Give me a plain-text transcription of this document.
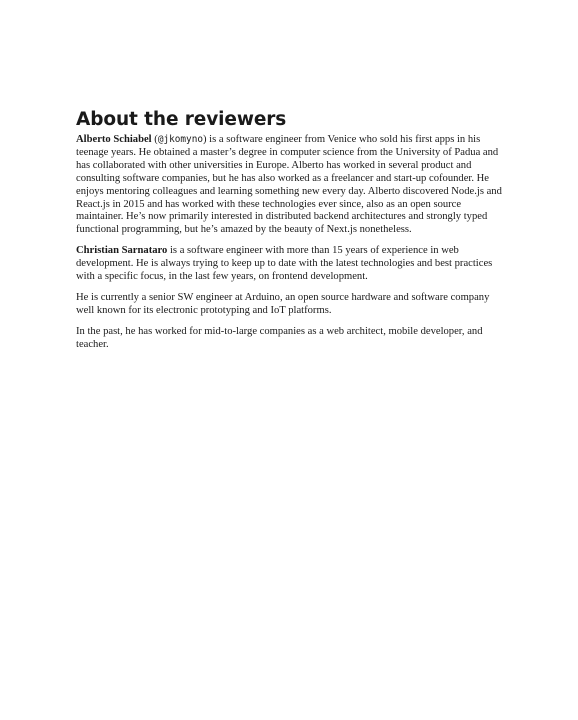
About the reviewers

Alberto Schiabel (@jkomyno) is a software engineer from Venice who sold his first apps in his teenage years. He obtained a master’s degree in computer science from the University of Padua and has collaborated with other universities in Europe. Alberto has worked in several product and consulting software companies, but he has also worked as a freelancer and start-up cofounder. He enjoys mentoring colleagues and learning something new every day. Alberto discovered Node.js and React.js in 2015 and has worked with these technologies ever since, also as an open source maintainer. He’s now primarily interested in distributed backend architectures and strongly typed functional programming, but he’s amazed by the beauty of Next.js nonetheless.

Christian Sarnataro is a software engineer with more than 15 years of experience in web development. He is always trying to keep up to date with the latest technologies and best practices with a specific focus, in the last few years, on frontend development.

He is currently a senior SW engineer at Arduino, an open source hardware and software company well known for its electronic prototyping and IoT platforms.

In the past, he has worked for mid-to-large companies as a web architect, mobile developer, and teacher.
